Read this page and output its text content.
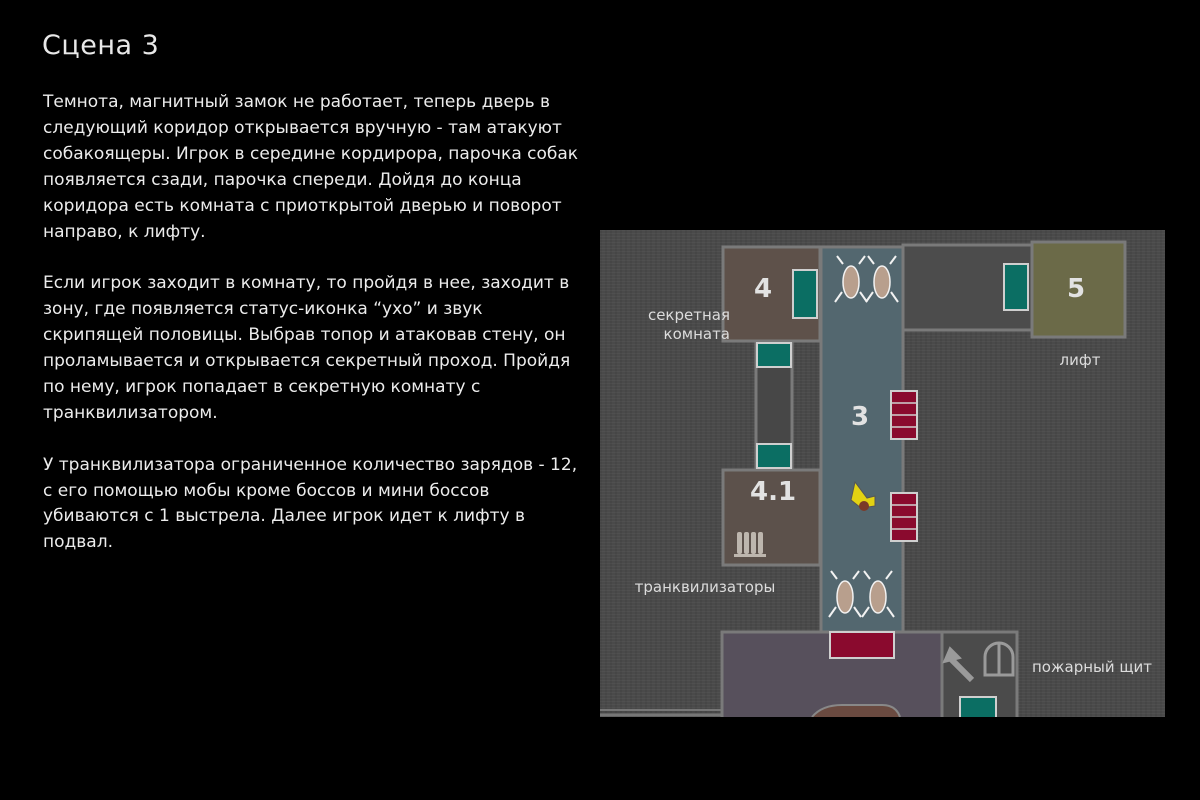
Сцена 3

Темнота, магнитный замок не работает, теперь дверь в следующий коридор открывается вручную - там атакуют собакоящеры. Игрок в середине кордирора, парочка собак появляется сзади, парочка спереди. Дойдя до конца коридора есть комната с приоткрытой дверью и поворот направо, к лифту.

Если игрок заходит в комнату, то пройдя в нее, заходит в зону, где появляется статус-иконка “ухо” и звук скрипящей половицы. Выбрав топор и атаковав стену, он проламывается и открывается секретный проход. Пройдя по нему, игрок попадает в секретную комнату с транквилизатором.

У транквилизатора ограниченное количество зарядов - 12, с его помощью мобы кроме боссов и мини боссов убиваются с 1 выстрела. Далее игрок идет к лифту в подвал.

4	5
3
4.1
секретная комната
лифт
транквилизаторы
пожарный щит
